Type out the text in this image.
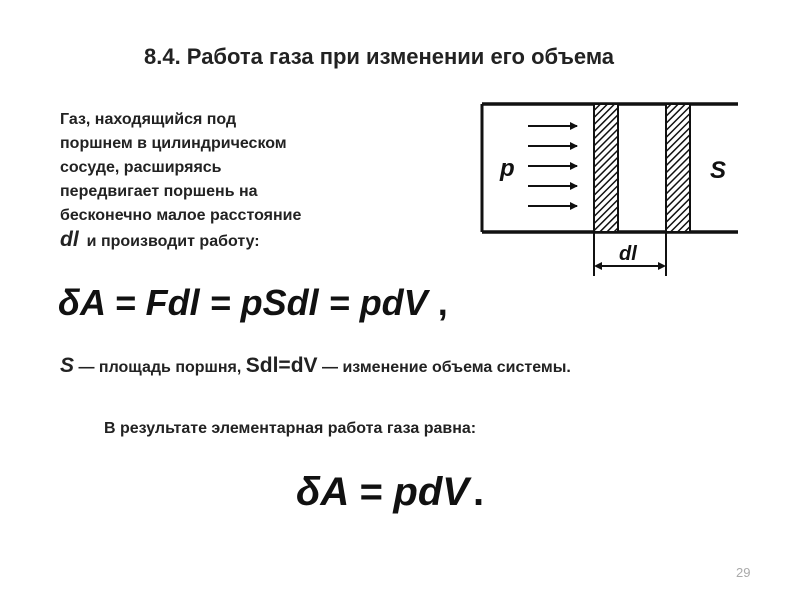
8.4. Работа газа при изменении его объема
Газ, находящийся под
поршнем в цилиндрическом
сосуде, расширяясь
передвигает поршень на
бесконечно малое расстояние
dl и производит работу:
p	S
dl
δA = Fdl = pSdl = pdV ,
S — площадь поршня, Sdl=dV — изменение объема системы.
В результате элементарная работа газа равна:
δA = pdV .
29
